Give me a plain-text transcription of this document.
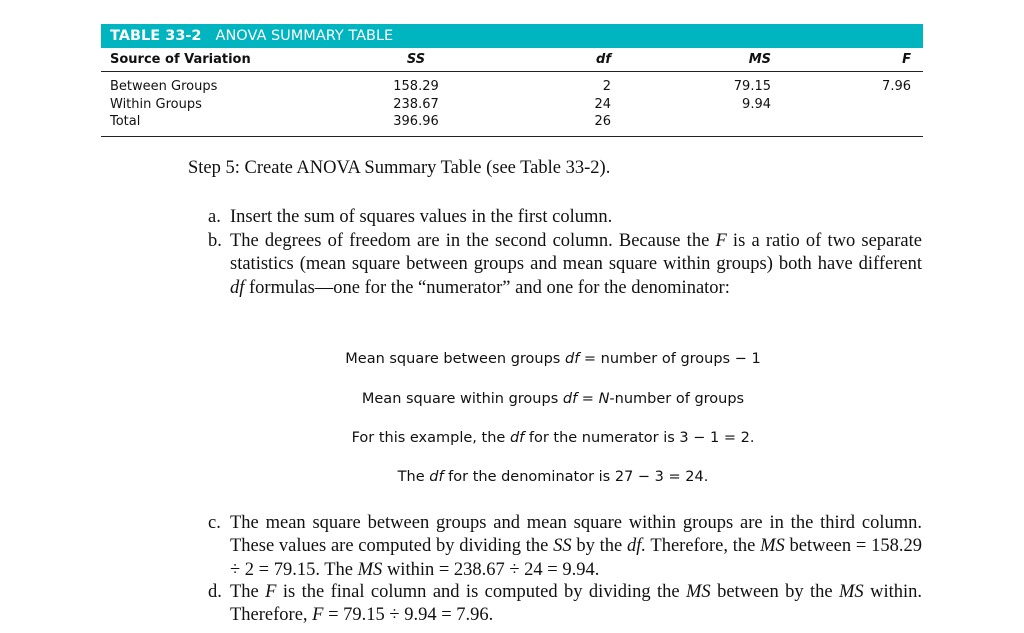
TABLE 33-2 ANOVA SUMMARY TABLE
Source of Variation	SS	df	MS	F
Between Groups	158.29	2	79.15	7.96
Within Groups	238.67	24	9.94
Total	396.96	26
Step 5: Create ANOVA Summary Table (see Table 33-2).
a. Insert the sum of squares values in the first column.
b. The degrees of freedom are in the second column. Because the F is a ratio of two separate statistics (mean square between groups and mean square within groups) both have different df formulas—one for the “numerator” and one for the denominator:
Mean square between groups df = number of groups − 1
Mean square within groups df = N-number of groups
For this example, the df for the numerator is 3 − 1 = 2.
The df for the denominator is 27 − 3 = 24.
c. The mean square between groups and mean square within groups are in the third column. These values are computed by dividing the SS by the df. Therefore, the MS between = 158.29 ÷ 2 = 79.15. The MS within = 238.67 ÷ 24 = 9.94.
d. The F is the final column and is computed by dividing the MS between by the MS within. Therefore, F = 79.15 ÷ 9.94 = 7.96.
